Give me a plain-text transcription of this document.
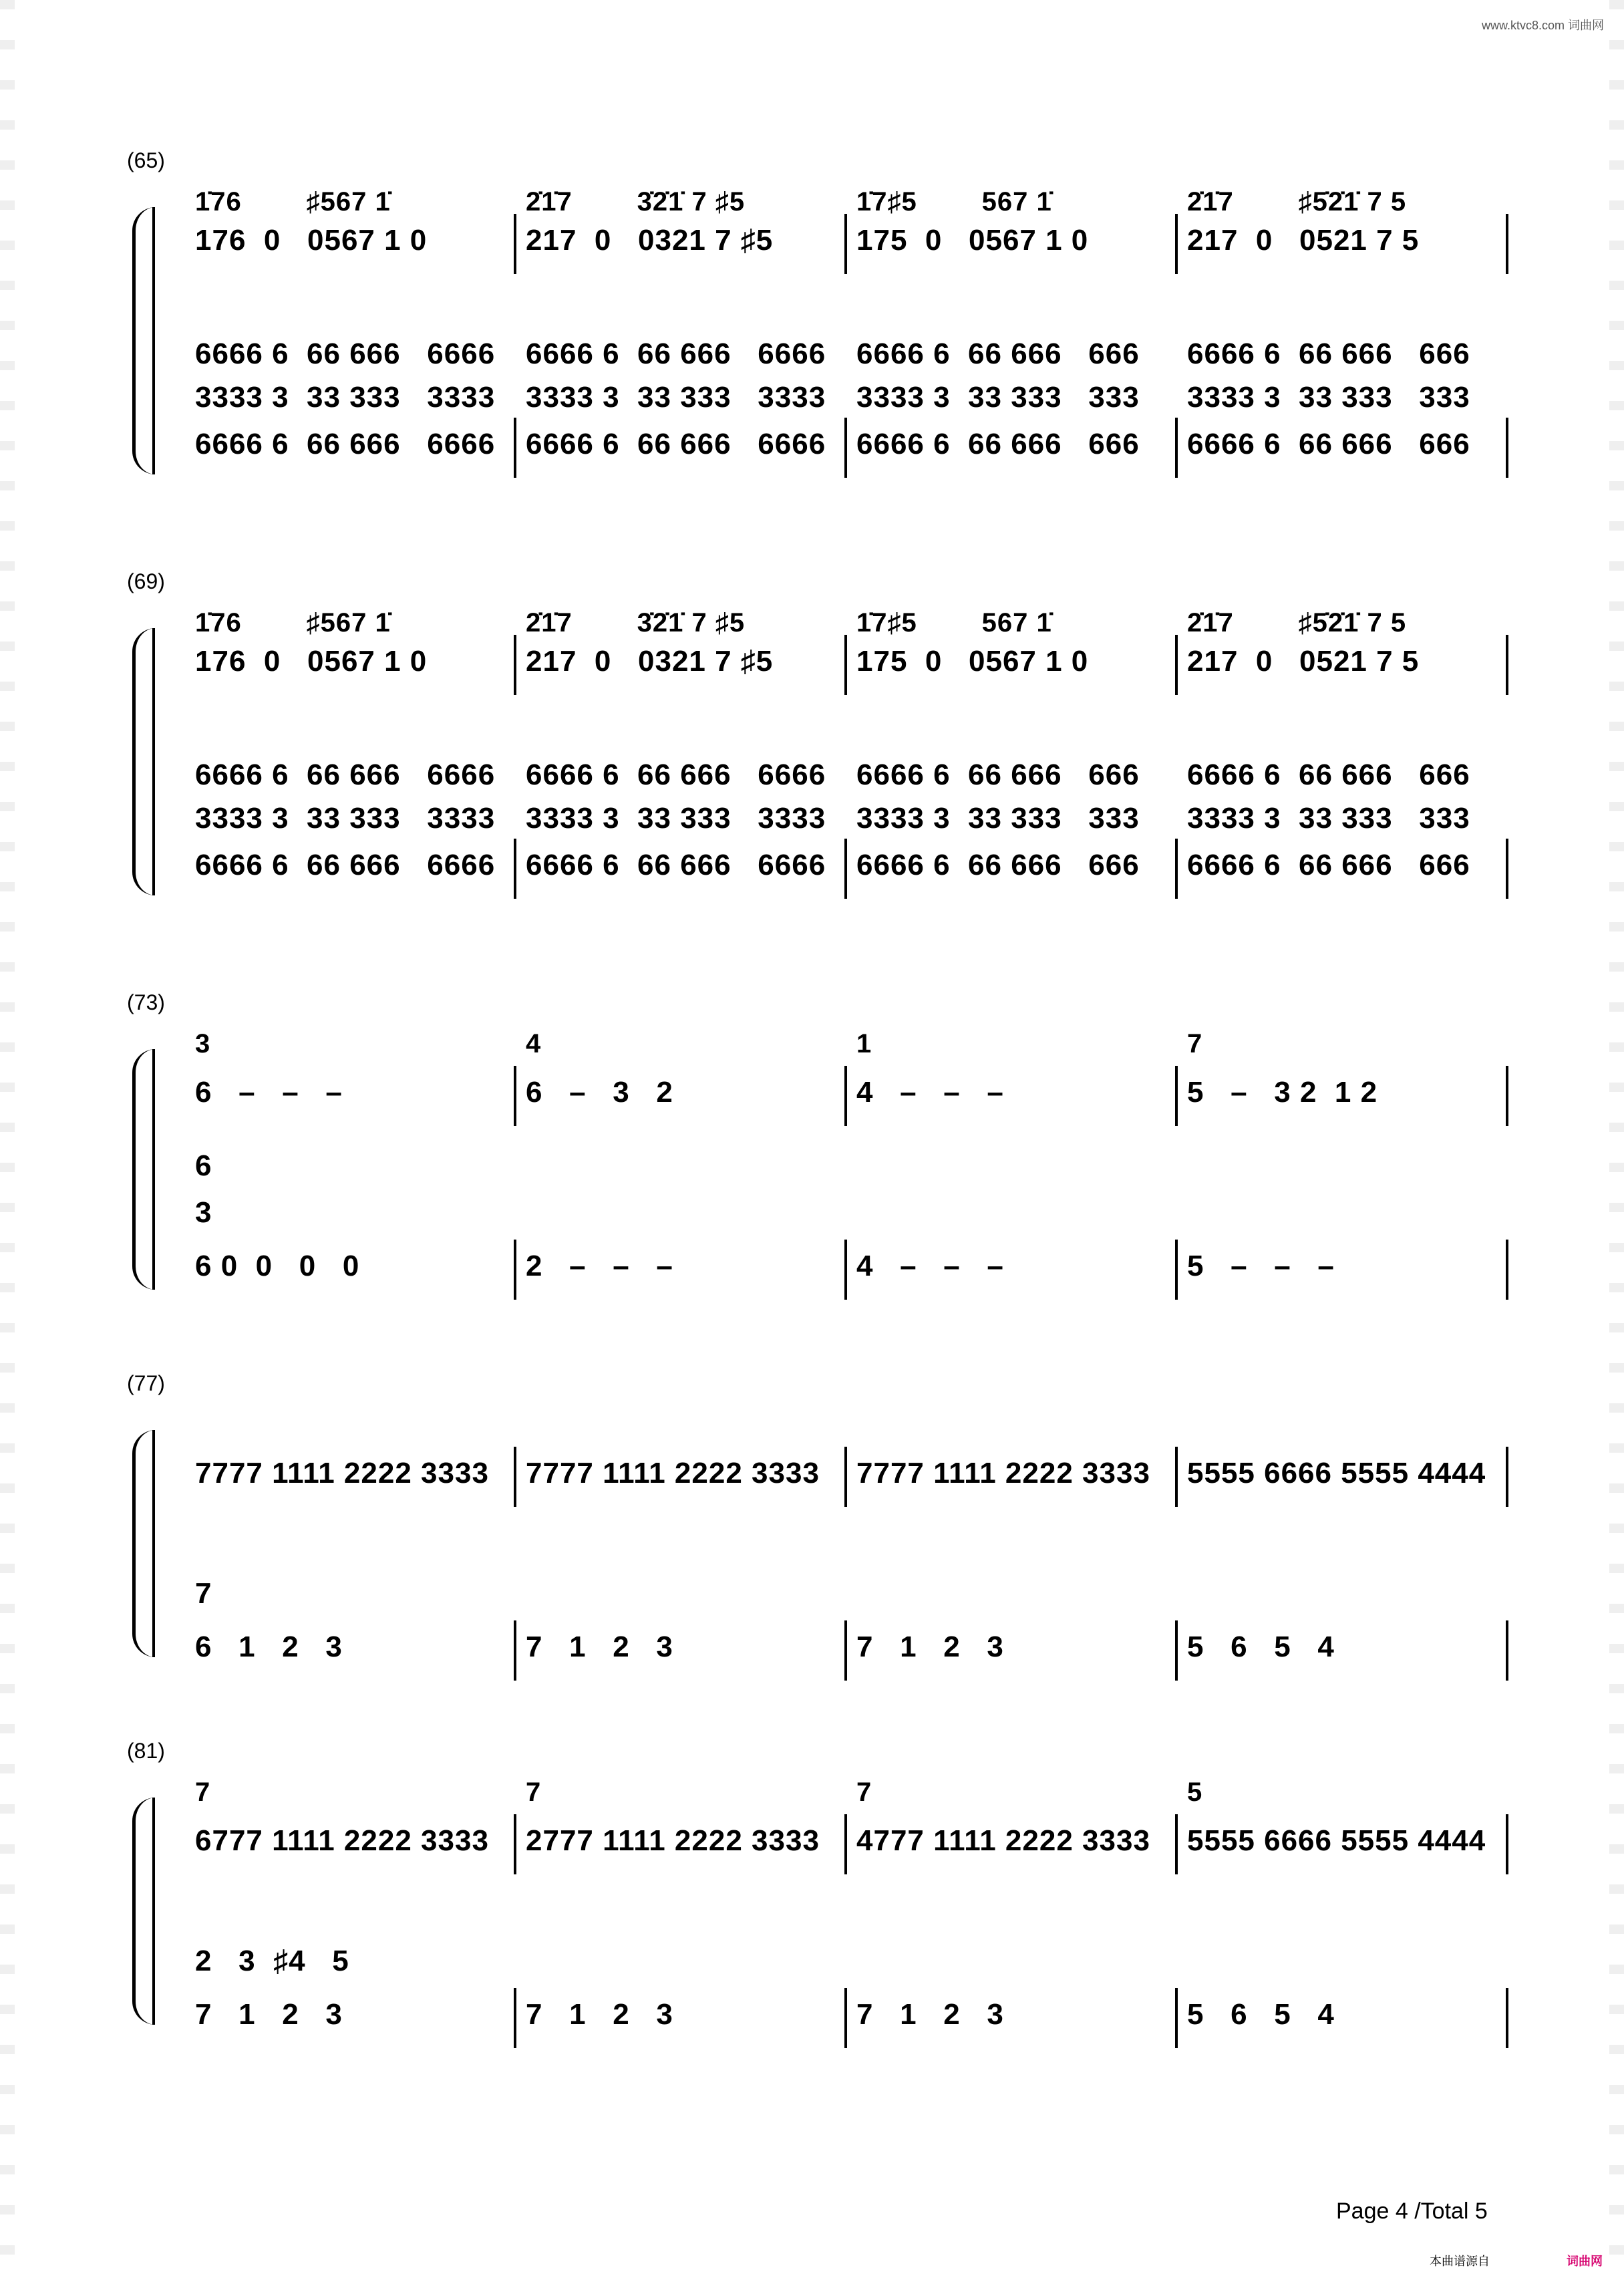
www.ktvc8.com 词曲网
(65)
1̇76        ♯567 1̇
176  0   0567 1 0
6666 6  66 666   6666
3333 3  33 333   3333
6666 6  66 666   6666
2̇1̇7        3̇2̇1̇ 7 ♯5
217  0   0321 7 ♯5
6666 6  66 666   6666
3333 3  33 333   3333
6666 6  66 666   6666
1̇7♯5        567 1̇
175  0   0567 1 0
6666 6  66 666   666
3333 3  33 333   333
6666 6  66 666   666
2̇1̇7        ♯5̇2̇1̇ 7 5
217  0   0521 7 5
6666 6  66 666   666
3333 3  33 333   333
6666 6  66 666   666
(69)
1̇76        ♯567 1̇
176  0   0567 1 0
6666 6  66 666   6666
3333 3  33 333   3333
6666 6  66 666   6666
2̇1̇7        3̇2̇1̇ 7 ♯5
217  0   0321 7 ♯5
6666 6  66 666   6666
3333 3  33 333   3333
6666 6  66 666   6666
1̇7♯5        567 1̇
175  0   0567 1 0
6666 6  66 666   666
3333 3  33 333   333
6666 6  66 666   666
2̇1̇7        ♯5̇2̇1̇ 7 5
217  0   0521 7 5
6666 6  66 666   666
3333 3  33 333   333
6666 6  66 666   666
(73)
3
6   –   –   –
6
3
6 0  0   0   0
4
6   –   3   2
2   –   –   –
1
4   –   –   –
4   –   –   –
7
5   –   3 2  1 2
5   –   –   –
(77)
7777 1111 2222 3333
7
6   1   2   3
7777 1111 2222 3333
7   1   2   3
7777 1111 2222 3333
7   1   2   3
5555 6666 5555 4444
5   6   5   4
(81)
7
6777 1111 2222 3333
2   3  ♯4   5
7   1   2   3
7
2777 1111 2222 3333
7   1   2   3
7
4777 1111 2222 3333
7   1   2   3
5
5555 6666 5555 4444
5   6   5   4
Page 4 /Total 5
本曲谱源自	词曲网
